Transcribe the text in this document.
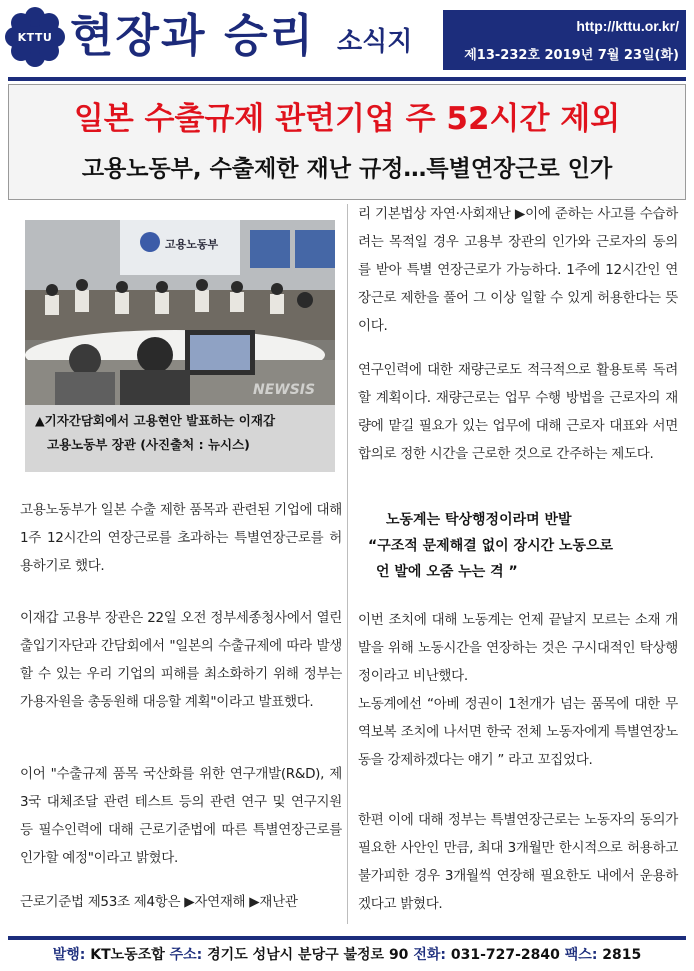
KTTU 현장과 승리 소식지
http://kttu.or.kr/
제13-232호 2019년 7월 23일(화)
일본 수출규제 관련기업 주 52시간 제외
고용노동부, 수출제한 재난 규정…특별연장근로 인가
고용노동부
NEWSIS
▲기자간담회에서 고용현안 발표하는 이재갑
고용노동부 장관 (사진출처 : 뉴시스)
고용노동부가 일본 수출 제한 품목과 관련된 기업에 대해 1주 12시간의 연장근로를 초과하는 특별연장근로를 허용하기로 했다.
이재갑 고용부 장관은 22일 오전 정부세종청사에서 열린 출입기자단과 간담회에서 "일본의 수출규제에 따라 발생할 수 있는 우리 기업의 피해를 최소화하기 위해 정부는 가용자원을 총동원해 대응할 계획"이라고 발표했다.
이어 "수출규제 품목 국산화를 위한 연구개발(R&D), 제3국 대체조달 관련 테스트 등의 관련 연구 및 연구지원 등 필수인력에 대해 근로기준법에 따른 특별연장근로를 인가할 예정"이라고 밝혔다.
근로기준법 제53조 제4항은 ▶자연재해 ▶재난관
리 기본법상 자연·사회재난 ▶이에 준하는 사고를 수습하려는 목적일 경우 고용부 장관의 인가와 근로자의 동의를 받아 특별 연장근로가 가능하다. 1주에 12시간인 연장근로 제한을 풀어 그 이상 일할 수 있게 허용한다는 뜻이다.
연구인력에 대한 재량근로도 적극적으로 활용토록 독려할 계획이다. 재량근로는 업무 수행 방법을 근로자의 재량에 맡길 필요가 있는 업무에 대해 근로자 대표와 서면 합의로 정한 시간을 근로한 것으로 간주하는 제도다.
노동계는 탁상행정이라며 반발
“구조적 문제해결 없이 장시간 노동으로
언 발에 오줌 누는 격 ”
이번 조치에 대해 노동계는 언제 끝날지 모르는 소재 개발을 위해 노동시간을 연장하는 것은 구시대적인 탁상행정이라고 비난했다.
노동계에선 “아베 정권이 1천개가 넘는 품목에 대한 무역보복 조치에 나서면 한국 전체 노동자에게 특별연장노동을 강제하겠다는 얘기 ” 라고 꼬집었다.
한편 이에 대해 정부는 특별연장근로는 노동자의 동의가 필요한 사안인 만큼, 최대 3개월만 한시적으로 허용하고 불가피한 경우 3개월씩 연장해 필요한도 내에서 운용하겠다고 밝혔다.
발행: KT노동조합 주소: 경기도 성남시 분당구 불정로 90 전화: 031-727-2840 팩스: 2815
